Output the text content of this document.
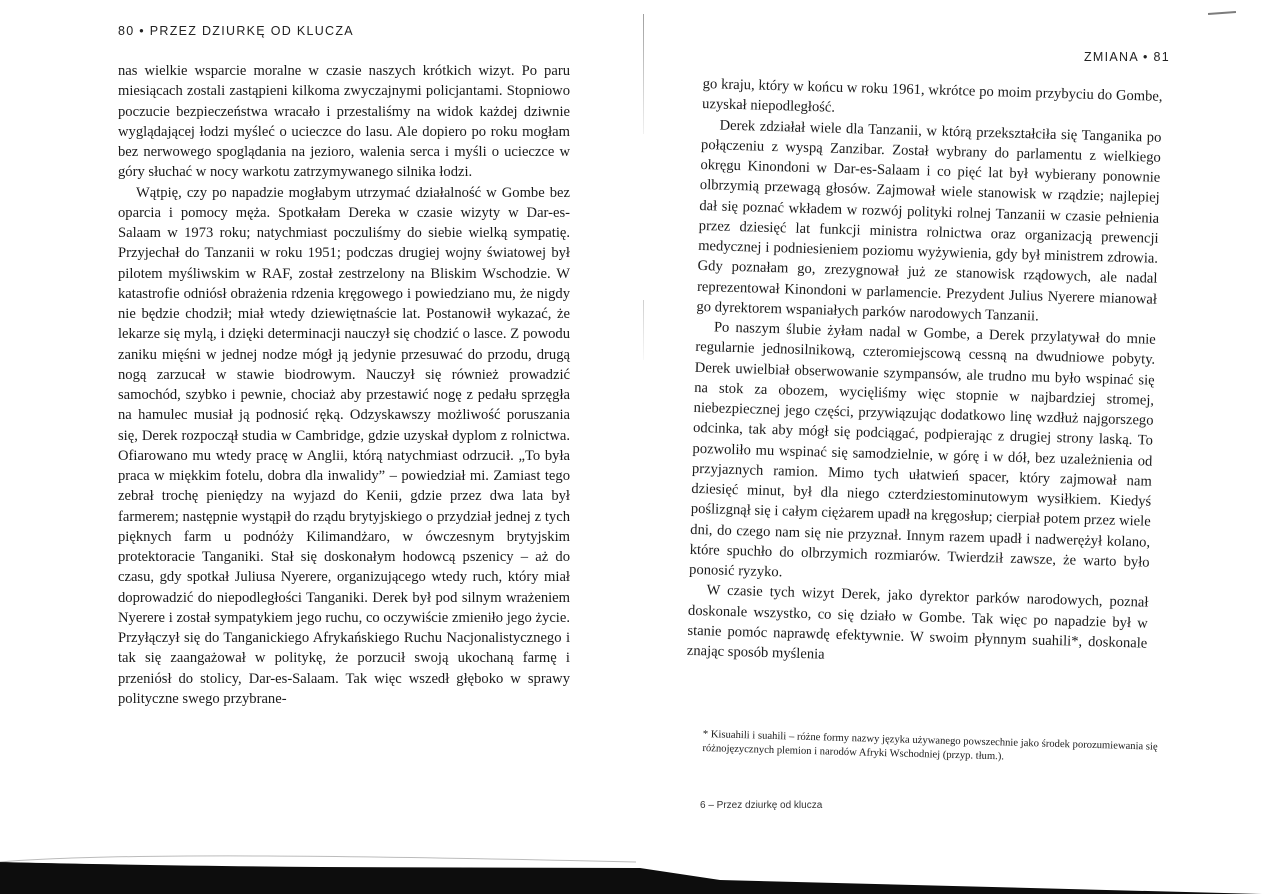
80 • PRZEZ DZIURKĘ OD KLUCZA

nas wielkie wsparcie moralne w czasie naszych krótkich wizyt. Po paru miesiącach zostali zastąpieni kilkoma zwyczajnymi policjantami. Stopniowo poczucie bezpieczeństwa wracało i przestaliśmy na widok każdej dziwnie wyglądającej łodzi myśleć o ucieczce do lasu. Ale dopiero po roku mogłam bez nerwowego spoglądania na jezioro, walenia serca i myśli o ucieczce w góry słuchać w nocy warkotu zatrzymywanego silnika łodzi.

Wątpię, czy po napadzie mogłabym utrzymać działalność w Gombe bez oparcia i pomocy męża. Spotkałam Dereka w czasie wizyty w Dar-es-Salaam w 1973 roku; natychmiast poczuliśmy do siebie wielką sympatię. Przyjechał do Tanzanii w roku 1951; podczas drugiej wojny światowej był pilotem myśliwskim w RAF, został zestrzelony na Bliskim Wschodzie. W katastrofie odniósł obrażenia rdzenia kręgowego i powiedziano mu, że nigdy nie będzie chodził; miał wtedy dziewiętnaście lat. Postanowił wykazać, że lekarze się mylą, i dzięki determinacji nauczył się chodzić o lasce. Z powodu zaniku mięśni w jednej nodze mógł ją jedynie przesuwać do przodu, drugą nogą zarzucał w stawie biodrowym. Nauczył się również prowadzić samochód, szybko i pewnie, chociaż aby przestawić nogę z pedału sprzęgła na hamulec musiał ją podnosić ręką. Odzyskawszy możliwość poruszania się, Derek rozpoczął studia w Cambridge, gdzie uzyskał dyplom z rolnictwa. Ofiarowano mu wtedy pracę w Anglii, którą natychmiast odrzucił. „To była praca w miękkim fotelu, dobra dla inwalidy” – powiedział mi. Zamiast tego zebrał trochę pieniędzy na wyjazd do Kenii, gdzie przez dwa lata był farmerem; następnie wystąpił do rządu brytyjskiego o przydział jednej z tych pięknych farm u podnóży Kilimandżaro, w ówczesnym brytyjskim protektoracie Tanganiki. Stał się doskonałym hodowcą pszenicy – aż do czasu, gdy spotkał Juliusa Nyerere, organizującego wtedy ruch, który miał doprowadzić do niepodległości Tanganiki. Derek był pod silnym wrażeniem Nyerere i został sympatykiem jego ruchu, co oczywiście zmieniło jego życie. Przyłączył się do Tanganickiego Afrykańskiego Ruchu Nacjonalistycznego i tak się zaangażował w politykę, że porzucił swoją ukochaną farmę i przeniósł do stolicy, Dar-es-Salaam. Tak więc wszedł głęboko w sprawy polityczne swego przybrane-

ZMIANA • 81

go kraju, który w końcu w roku 1961, wkrótce po moim przybyciu do Gombe, uzyskał niepodległość.

Derek zdziałał wiele dla Tanzanii, w którą przekształciła się Tanganika po połączeniu z wyspą Zanzibar. Został wybrany do parlamentu z wielkiego okręgu Kinondoni w Dar-es-Salaam i co pięć lat był wybierany ponownie olbrzymią przewagą głosów. Zajmował wiele stanowisk w rządzie; najlepiej dał się poznać wkładem w rozwój polityki rolnej Tanzanii w czasie pełnienia przez dziesięć lat funkcji ministra rolnictwa oraz organizacją prewencji medycznej i podniesieniem poziomu wyżywienia, gdy był ministrem zdrowia. Gdy poznałam go, zrezygnował już ze stanowisk rządowych, ale nadal reprezentował Kinondoni w parlamencie. Prezydent Julius Nyerere mianował go dyrektorem wspaniałych parków narodowych Tanzanii.

Po naszym ślubie żyłam nadal w Gombe, a Derek przylatywał do mnie regularnie jednosilnikową, czteromiejscową cessną na dwudniowe pobyty. Derek uwielbiał obserwowanie szympansów, ale trudno mu było wspinać się na stok za obozem, wycięliśmy więc stopnie w najbardziej stromej, niebezpiecznej jego części, przywiązując dodatkowo linę wzdłuż najgorszego odcinka, tak aby mógł się podciągać, podpierając z drugiej strony laską. To pozwoliło mu wspinać się samodzielnie, w górę i w dół, bez uzależnienia od przyjaznych ramion. Mimo tych ułatwień spacer, który zajmował nam dziesięć minut, był dla niego czterdziestominutowym wysiłkiem. Kiedyś poślizgnął się i całym ciężarem upadł na kręgosłup; cierpiał potem przez wiele dni, do czego nam się nie przyznał. Innym razem upadł i nadwerężył kolano, które spuchło do olbrzymich rozmiarów. Twierdził zawsze, że warto było ponosić ryzyko.

W czasie tych wizyt Derek, jako dyrektor parków narodowych, poznał doskonale wszystko, co się działo w Gombe. Tak więc po napadzie był w stanie pomóc naprawdę efektywnie. W swoim płynnym suahili*, doskonale znając sposób myślenia

* Kisuahili i suahili – różne formy nazwy języka używanego powszechnie jako środek porozumiewania się różnojęzycznych plemion i narodów Afryki Wschodniej (przyp. tłum.).
6 – Przez dziurkę od klucza
